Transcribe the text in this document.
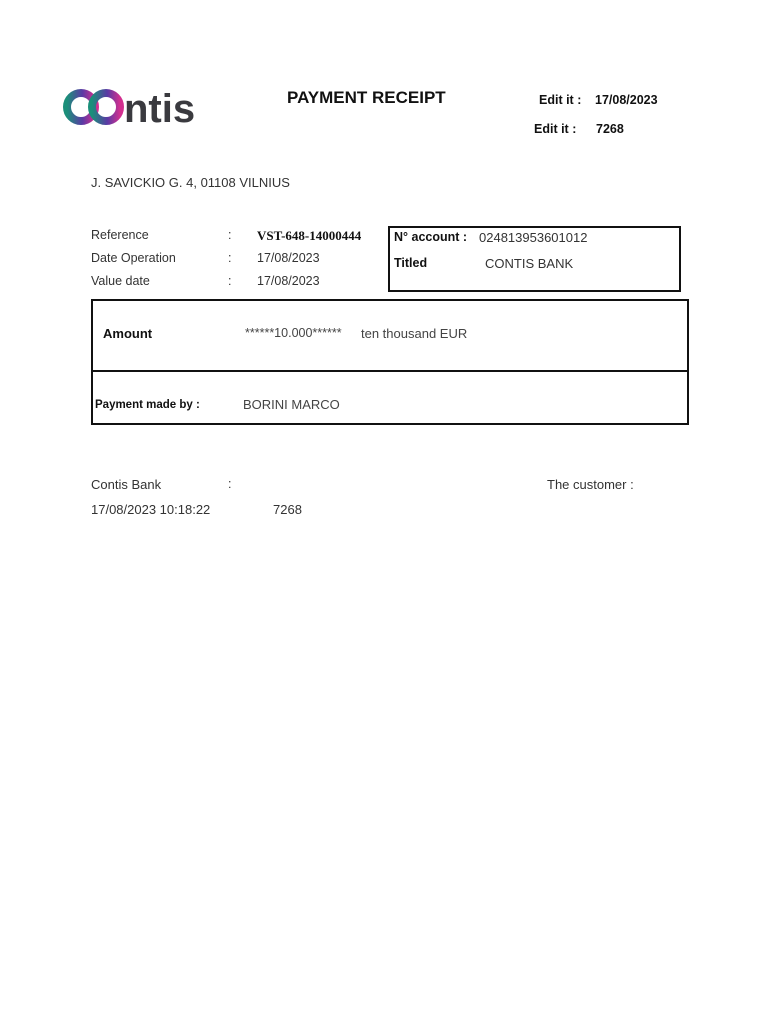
ntis	PAYMENT RECEIPT	Edit it : 17/08/2023
Edit it : 7268
J. SAVICKIO G. 4, 01108 VILNIUS
Reference	: VST-648-14000444
Date Operation	: 17/08/2023
Value date	: 17/08/2023
N° account : 024813953601012
Titled	CONTIS BANK
Amount	******10.000****** ten thousand EUR
Payment made by :	BORINI MARCO
Contis Bank	:	The customer :
17/08/2023 10:18:22	7268
